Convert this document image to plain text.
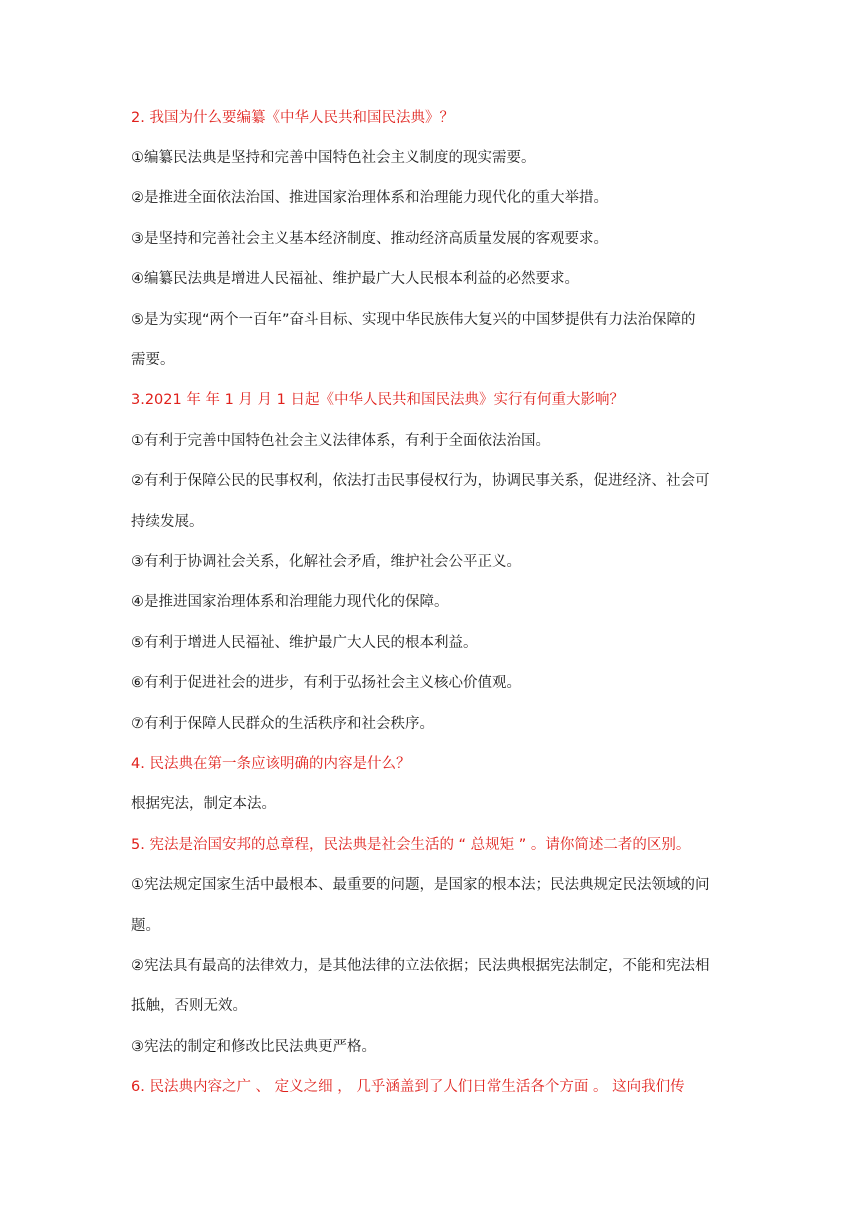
2. 我国为什么要编纂《中华人民共和国民法典》？
①编纂民法典是坚持和完善中国特色社会主义制度的现实需要。
②是推进全面依法治国、推进国家治理体系和治理能力现代化的重大举措。
③是坚持和完善社会主义基本经济制度、推动经济高质量发展的客观要求。
④编纂民法典是增进人民福祉、维护最广大人民根本利益的必然要求。
⑤是为实现“两个一百年”奋斗目标、实现中华民族伟大复兴的中国梦提供有力法治保障的
需要。
3.2021 年 年 1 月 月 1 日起《中华人民共和国民法典》实行有何重大影响？
①有利于完善中国特色社会主义法律体系，有利于全面依法治国。
②有利于保障公民的民事权利，依法打击民事侵权行为，协调民事关系，促进经济、社会可
持续发展。
③有利于协调社会关系，化解社会矛盾，维护社会公平正义。
④是推进国家治理体系和治理能力现代化的保障。
⑤有利于增进人民福祉、维护最广大人民的根本利益。
⑥有利于促进社会的进步，有利于弘扬社会主义核心价值观。
⑦有利于保障人民群众的生活秩序和社会秩序。
4. 民法典在第一条应该明确的内容是什么？
根据宪法，制定本法。
5. 宪法是治国安邦的总章程，民法典是社会生活的 “ 总规矩 ” 。请你简述二者的区别。
①宪法规定国家生活中最根本、最重要的问题，是国家的根本法；民法典规定民法领域的问
题。
②宪法具有最高的法律效力，是其他法律的立法依据；民法典根据宪法制定，不能和宪法相
抵触，否则无效。
③宪法的制定和修改比民法典更严格。
6. 民法典内容之广 、 定义之细 ， 几乎涵盖到了人们日常生活各个方面 。 这向我们传
